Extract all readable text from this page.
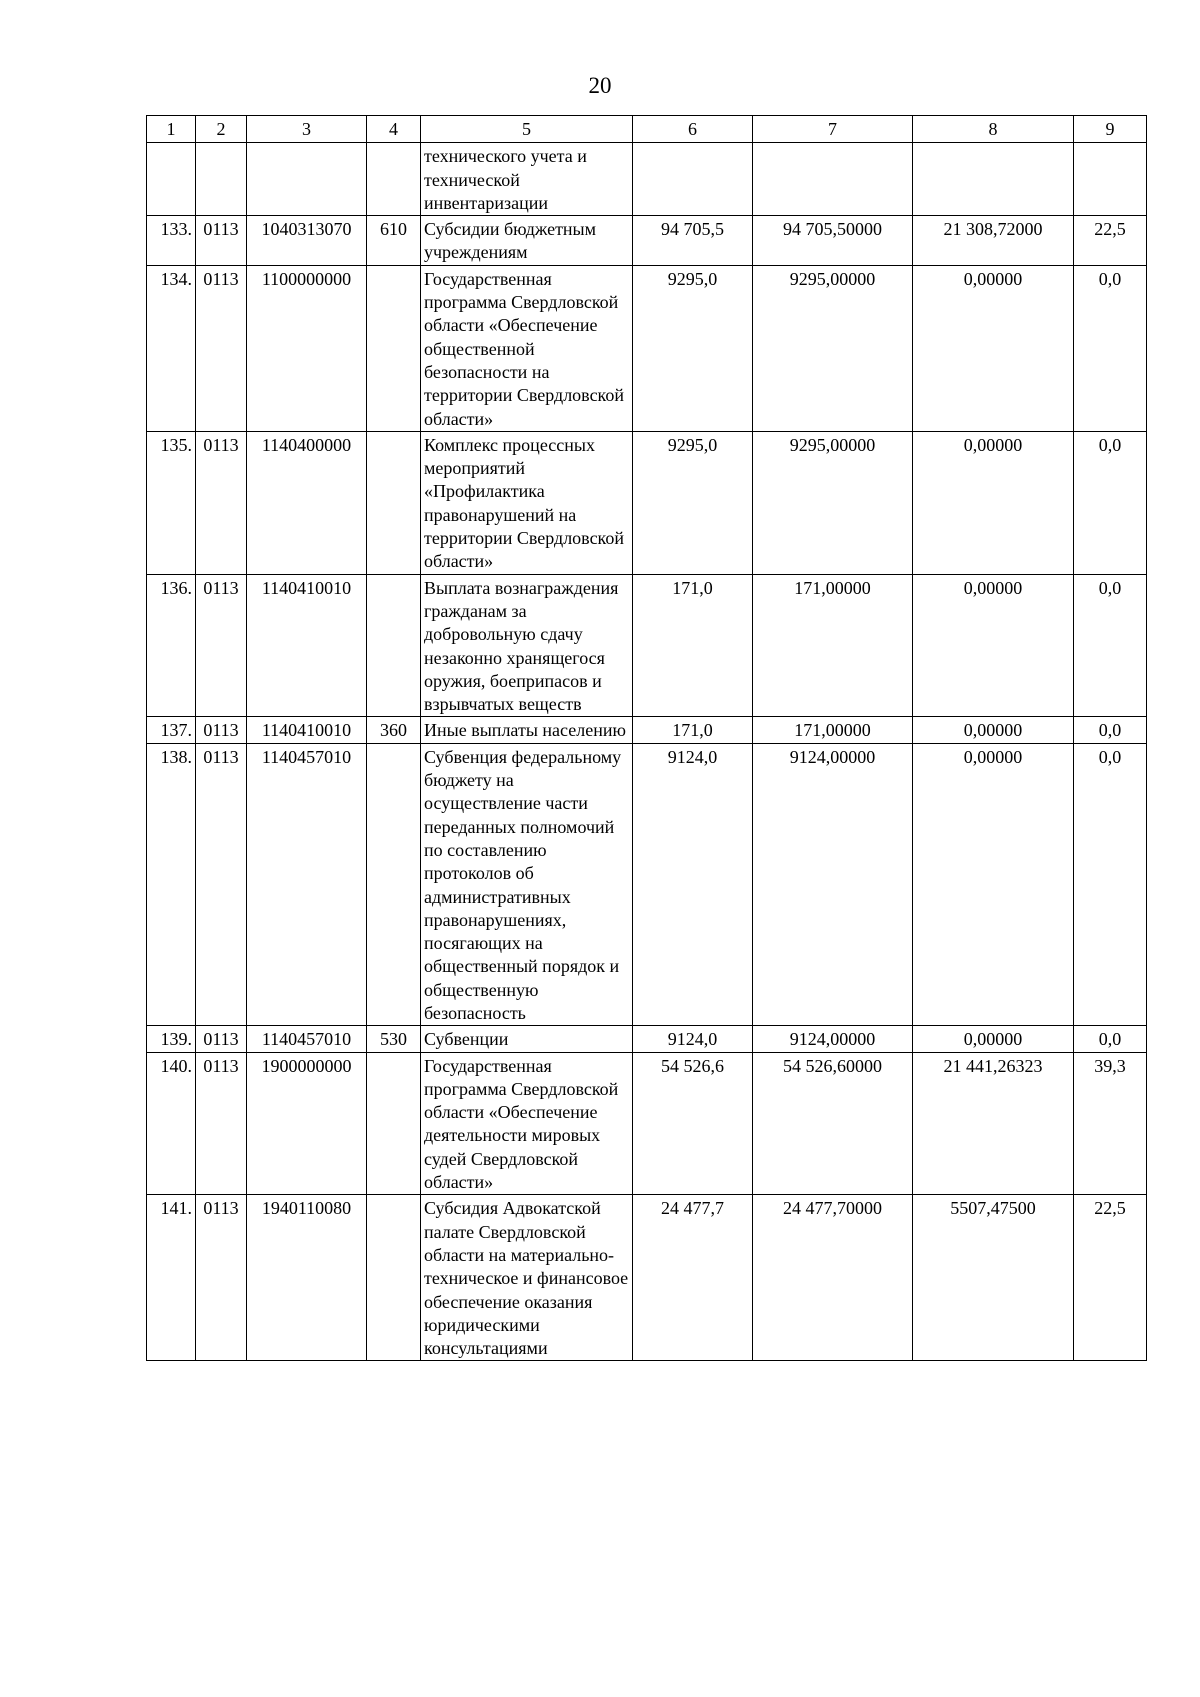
20
1	2	3	4	5	6	7	8	9
				технического учета и технической инвентаризации				
133.	0113	1040313070	610	Субсидии бюджетным учреждениям	94 705,5	94 705,50000	21 308,72000	22,5
134.	0113	1100000000		Государственная программа Свердловской области «Обеспечение общественной безопасности на территории Свердловской области»	9295,0	9295,00000	0,00000	0,0
135.	0113	1140400000		Комплекс процессных мероприятий «Профилактика правонарушений на территории Свердловской области»	9295,0	9295,00000	0,00000	0,0
136.	0113	1140410010		Выплата вознаграждения гражданам за добровольную сдачу незаконно хранящегося оружия, боеприпасов и взрывчатых веществ	171,0	171,00000	0,00000	0,0
137.	0113	1140410010	360	Иные выплаты населению	171,0	171,00000	0,00000	0,0
138.	0113	1140457010		Субвенция федеральному бюджету на осуществление части переданных полномочий по составлению протоколов об административных правонарушениях, посягающих на общественный порядок и общественную безопасность	9124,0	9124,00000	0,00000	0,0
139.	0113	1140457010	530	Субвенции	9124,0	9124,00000	0,00000	0,0
140.	0113	1900000000		Государственная программа Свердловской области «Обеспечение деятельности мировых судей Свердловской области»	54 526,6	54 526,60000	21 441,26323	39,3
141.	0113	1940110080		Субсидия Адвокатской палате Свердловской области на материально-техническое и финансовое обеспечение оказания юридическими консультациями	24 477,7	24 477,70000	5507,47500	22,5
